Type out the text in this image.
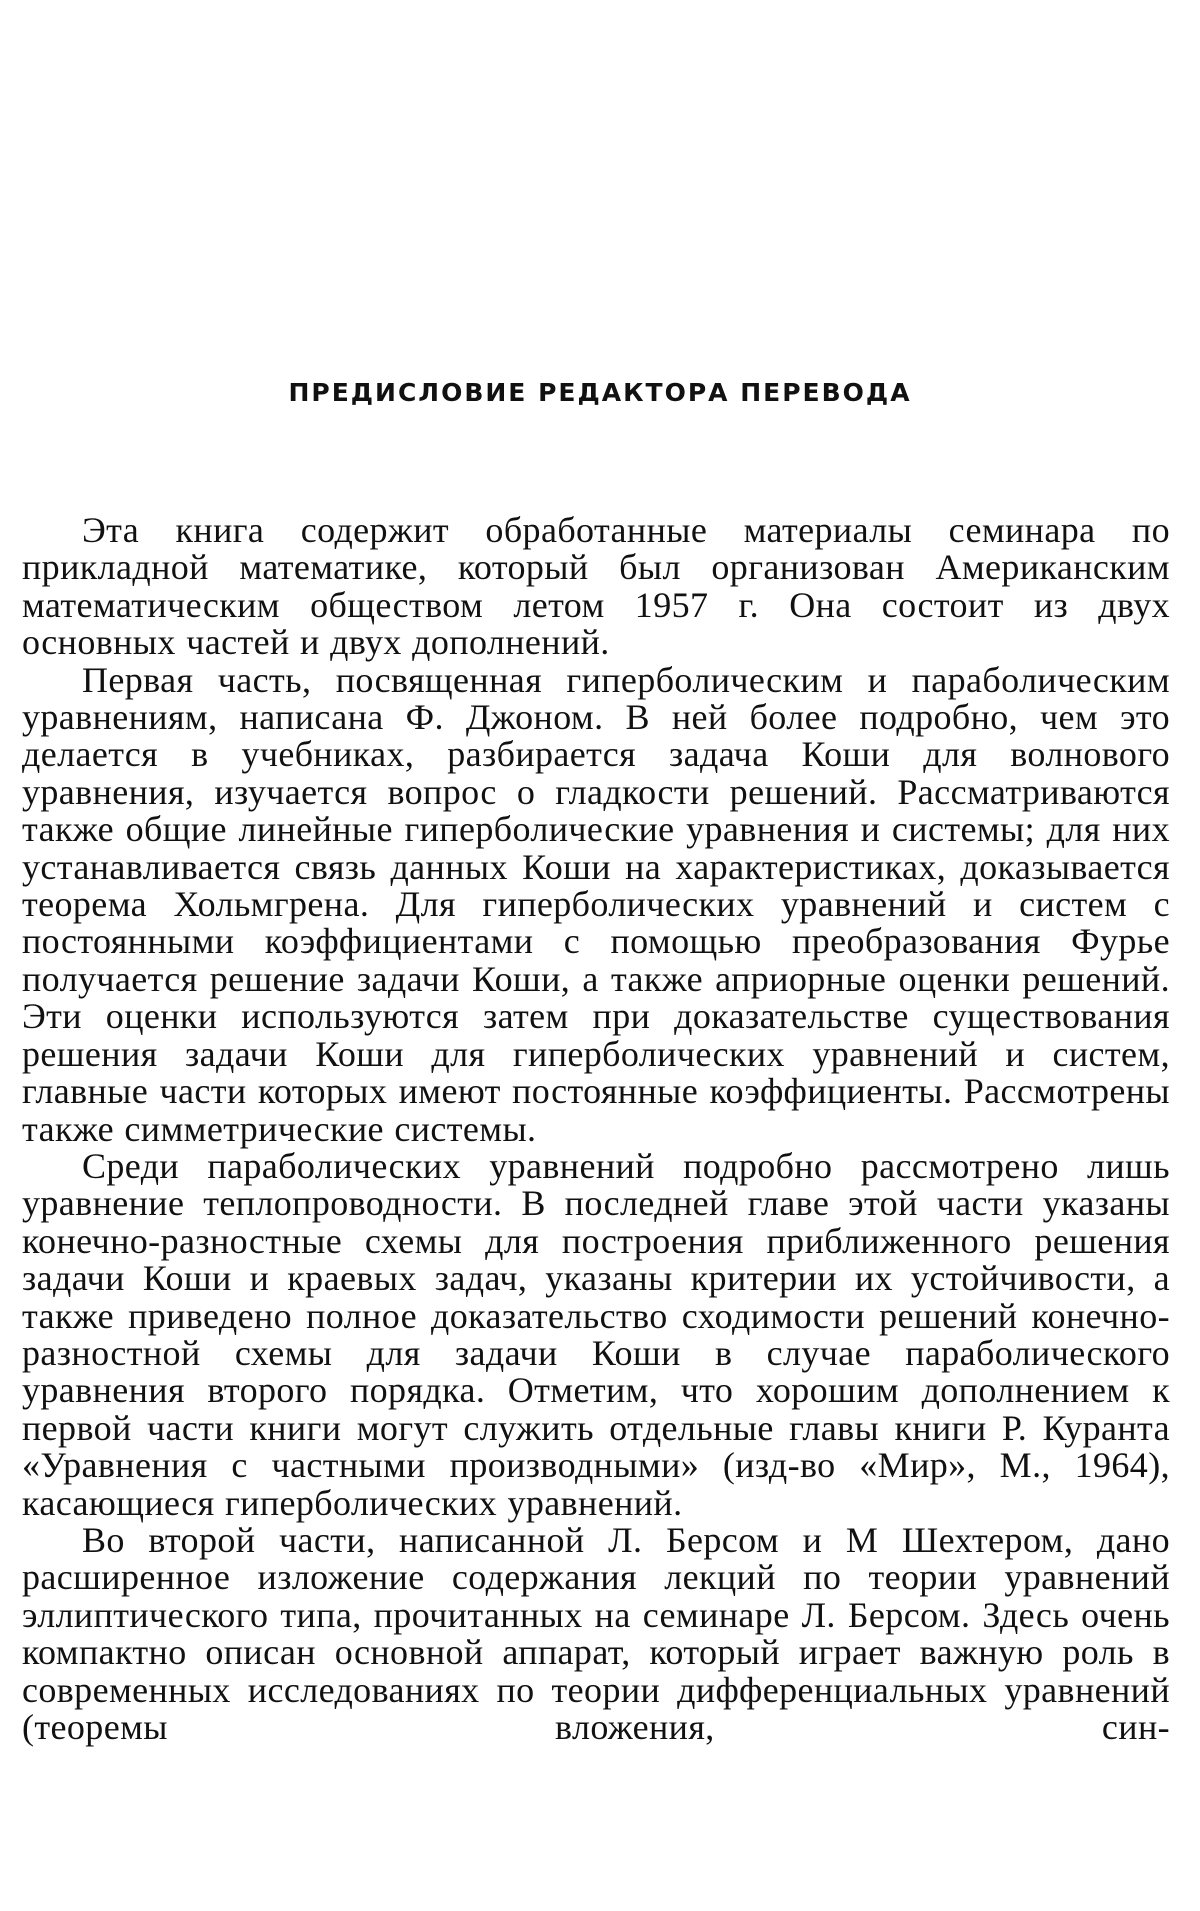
ПРЕДИСЛОВИЕ РЕДАКТОРА ПЕРЕВОДА

Эта книга содержит обработанные материалы семинара по прикладной математике, который был организован Американским математическим обществом летом 1957 г. Она состоит из двух основных частей и двух дополнений.

Первая часть, посвященная гиперболическим и параболическим уравнениям, написана Ф. Джоном. В ней более подробно, чем это делается в учебниках, разбирается задача Коши для волнового уравнения, изучается вопрос о гладкости решений. Рассматриваются также общие линейные гиперболические уравнения и системы; для них устанавливается связь данных Коши на характеристиках, доказывается теорема Хольмгрена. Для гиперболических уравнений и систем с постоянными коэффициентами с помощью преобразования Фурье получается решение задачи Коши, а также априорные оценки решений. Эти оценки используются затем при доказательстве существования решения задачи Коши для гиперболических уравнений и систем, главные части которых имеют постоянные коэффициенты. Рассмотрены также симметрические системы.

Среди параболических уравнений подробно рассмотрено лишь уравнение теплопроводности. В последней главе этой части указаны конечно-разностные схемы для построения приближенного решения задачи Коши и краевых задач, указаны критерии их устойчивости, а также приведено полное доказательство сходимости решений конечно-разностной схемы для задачи Коши в случае параболического уравнения второго порядка. Отметим, что хорошим дополнением к первой части книги могут служить отдельные главы книги Р. Куранта «Уравнения с частными производными» (изд-во «Мир», М., 1964), касающиеся гиперболических уравнений.

Во второй части, написанной Л. Берсом и М Шехтером, дано расширенное изложение содержания лекций по теории уравнений эллиптического типа, прочитанных на семинаре Л. Берсом. Здесь очень компактно описан основной аппарат, который играет важную роль в современных исследованиях по теории дифференциальных уравнений (теоремы вложения, син-
